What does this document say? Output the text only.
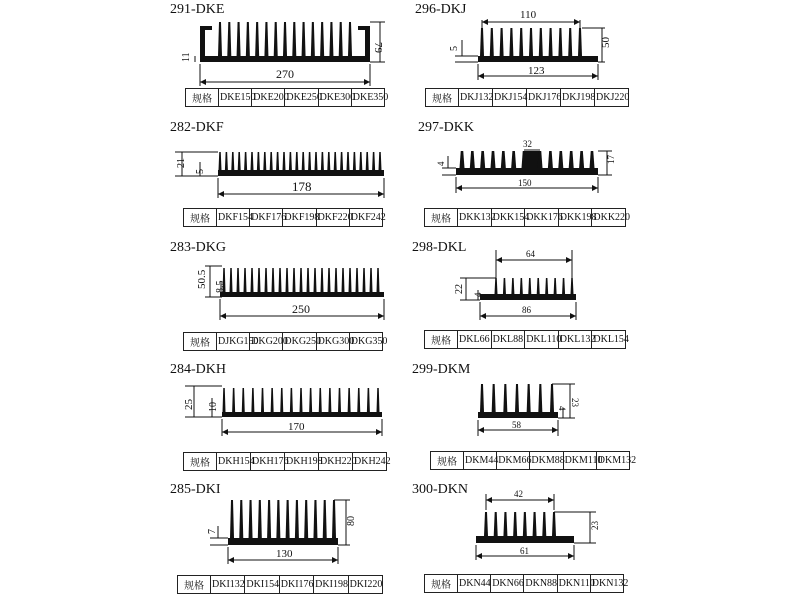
291-DKE
79
11
270
规格	DKE150	DKE200	DKE250	DKE300	DKE350
296-DKJ	110
50
5
123
规格	DKJ132	DKJ154	DKJ176	DKJ198	DKJ220
282-DKF
21
5
178
规格	DKF154	DKF176	DKF198	DKF220	DKF242
297-DKK
32
17
4
150
规格	DKK132	DKK154	DKK176	DKK198	DKK220
283-DKG
50.5 8.5
250
规格	DJKG150	DKG200	DKG250	DKG300	DKG350
298-DKL	64
22
4
86
规格	DKL66	DKL88	DKL110	DKL132	DKL154
284-DKH
25 10
170
规格	DKH154	DKH176	DKH198	DKH220	DKH242
299-DKM
23
4
58
规格	DKM44	DKM66	DKM88	DKM110	DKM132
285-DKI
80
7
130
规格	DKI132	DKI154	DKI176	DKI198	DKI220
300-DKN	42
23
61
规格	DKN44	DKN66	DKN88	DKN110	DKN132
